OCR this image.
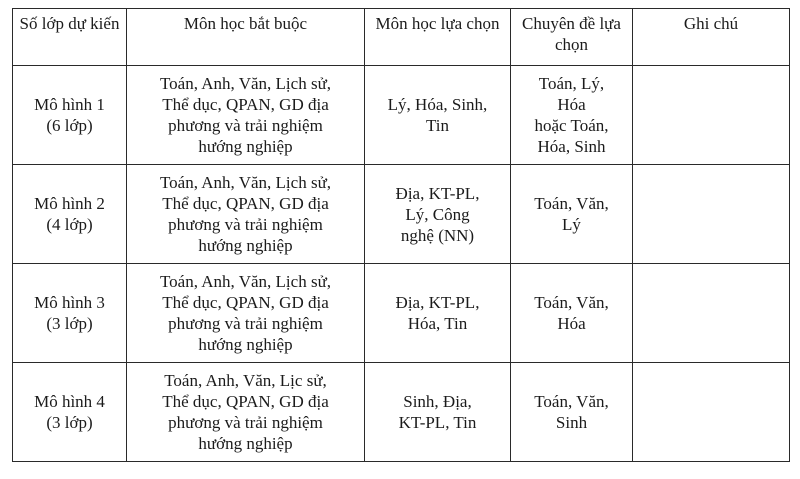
Số lớp dự kiến	Môn học bắt buộc	Môn học lựa chọn	Chuyên đề lựa chọn	Ghi chú

Mô hình 1
(6 lớp)	Toán, Anh, Văn, Lịch sử,
Thể dục, QPAN, GD địa
phương và trải nghiệm
hướng nghiệp	Lý, Hóa, Sinh,
Tin	Toán, Lý,
Hóa
hoặc Toán,
Hóa, Sinh	

Mô hình 2
(4 lớp)	Toán, Anh, Văn, Lịch sử,
Thể dục, QPAN, GD địa
phương và trải nghiệm
hướng nghiệp	Địa, KT-PL,
Lý, Công
nghệ (NN)	Toán, Văn,
Lý	

Mô hình 3
(3 lớp)	Toán, Anh, Văn, Lịch sử,
Thể dục, QPAN, GD địa
phương và trải nghiệm
hướng nghiệp	Địa, KT-PL,
Hóa, Tin	Toán, Văn,
Hóa	

Mô hình 4
(3 lớp)	Toán, Anh, Văn, Lịc sử,
Thể dục, QPAN, GD địa
phương và trải nghiệm
hướng nghiệp	Sinh, Địa,
KT-PL, Tin	Toán, Văn,
Sinh	
